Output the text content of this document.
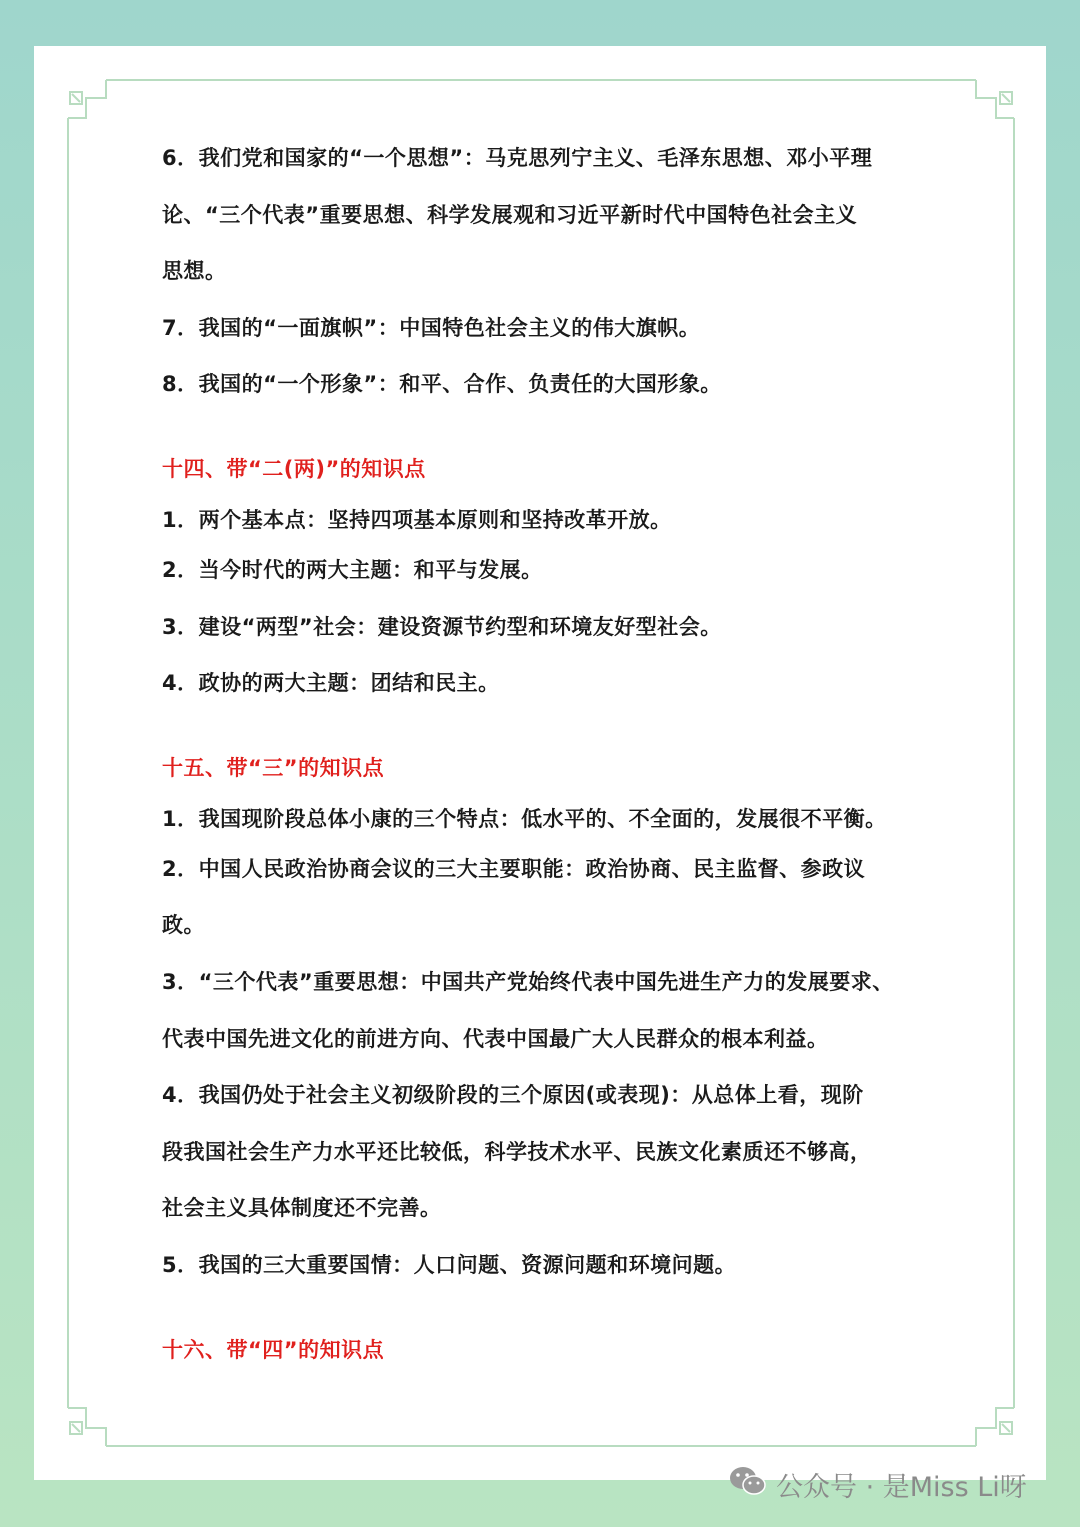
6．我们党和国家的“一个思想”：马克思列宁主义、毛泽东思想、邓小平理
论、“三个代表”重要思想、科学发展观和习近平新时代中国特色社会主义
思想。
7．我国的“一面旗帜”：中国特色社会主义的伟大旗帜。
8．我国的“一个形象”：和平、合作、负责任的大国形象。
十四、带“二(两)”的知识点
1．两个基本点：坚持四项基本原则和坚持改革开放。
2．当今时代的两大主题：和平与发展。
3．建设“两型”社会：建设资源节约型和环境友好型社会。
4．政协的两大主题：团结和民主。
十五、带“三”的知识点
1．我国现阶段总体小康的三个特点：低水平的、不全面的，发展很不平衡。
2．中国人民政治协商会议的三大主要职能：政治协商、民主监督、参政议
政。
3．“三个代表”重要思想：中国共产党始终代表中国先进生产力的发展要求、
代表中国先进文化的前进方向、代表中国最广大人民群众的根本利益。
4．我国仍处于社会主义初级阶段的三个原因(或表现)：从总体上看，现阶
段我国社会生产力水平还比较低，科学技术水平、民族文化素质还不够高，
社会主义具体制度还不完善。
5．我国的三大重要国情：人口问题、资源问题和环境问题。
十六、带“四”的知识点
公众号 · 是Miss Li呀
